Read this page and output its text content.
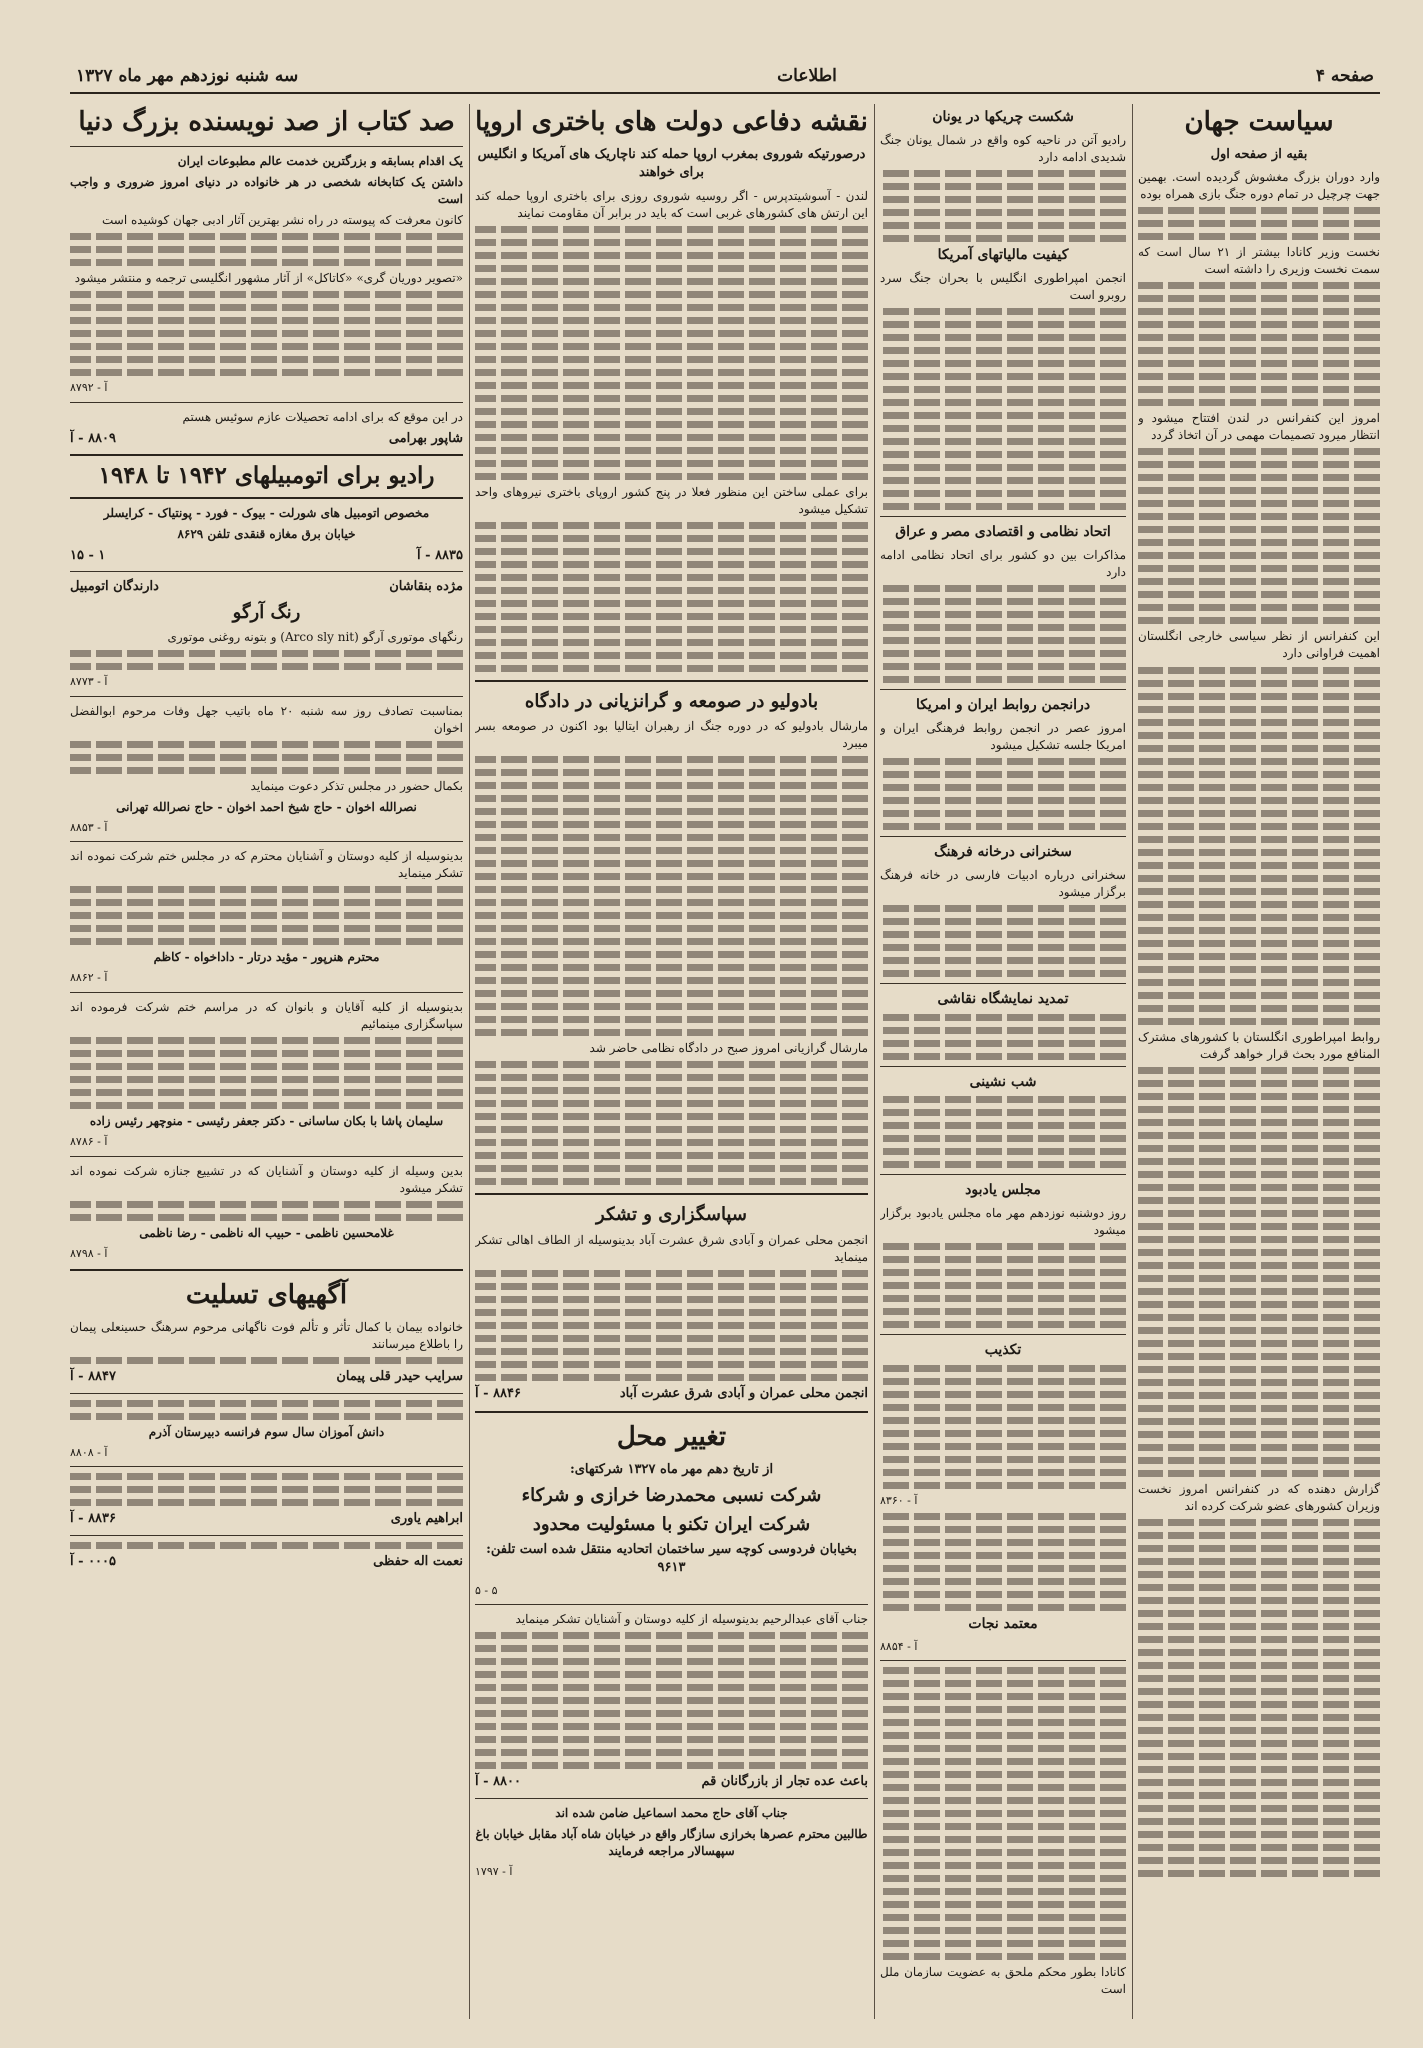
صفحه ۴
اطلاعات
سه شنبه نوزدهم مهر ماه ۱۳۲۷
سیاست جهان
بقیه از صفحه اول

وارد دوران بزرگ مغشوش گردیده است. بهمین جهت چرچیل در تمام دوره جنگ بازی همراه بوده

نخست وزیر کانادا بیشتر از ۲۱ سال است که سمت نخست وزیری را داشته است

امروز این کنفرانس در لندن افتتاح میشود و انتظار میرود تصمیمات مهمی در آن اتخاذ گردد

این کنفرانس از نظر سیاسی خارجی انگلستان اهمیت فراوانی دارد

روابط امپراطوری انگلستان با کشورهای مشترک المنافع مورد بحث قرار خواهد گرفت

گزارش دهنده که در کنفرانس امروز نخست وزیران کشورهای عضو شرکت کرده اند

شکست چریکها در یونان

رادیو آتن در ناحیه کوه واقع در شمال یونان جنگ شدیدی ادامه دارد

کیفیت مالیاتهای آمریکا

انجمن امپراطوری انگلیس با بحران جنگ سرد روبرو است

اتحاد نظامی و اقتصادی مصر و عراق

مذاکرات بین دو کشور برای اتحاد نظامی ادامه دارد

درانجمن روابط ایران و امریکا

امروز عصر در انجمن روابط فرهنگی ایران و امریکا جلسه تشکیل میشود

سخنرانی درخانه فرهنگ

سخنرانی درباره ادبیات فارسی در خانه فرهنگ برگزار میشود

تمدید نمایشگاه نقاشی
شب نشینی
مجلس یادبود

روز دوشنبه نوزدهم مهر ماه مجلس یادبود برگزار میشود

تکذیب
۸۳۶۰ - آ
معتمد نجات
۸۸۵۴ - آ

کانادا بطور محکم ملحق به عضویت سازمان ملل است

نقشه دفاعی دولت های باختری اروپا
درصورتیکه شوروی بمغرب اروپا حمله کند ناچاریک های آمریکا و انگلیس برای خواهند

لندن - آسوشیتدپرس - اگر روسیه شوروی روزی برای باختری اروپا حمله کند این ارتش های کشورهای غربی است که باید در برابر آن مقاومت نمایند

برای عملی ساختن این منظور فعلا در پنج کشور اروپای باختری نیروهای واحد تشکیل میشود

بادوليو در صومعه و گرانزيانی در دادگاه

مارشال بادولیو که در دوره جنگ از رهبران ایتالیا بود اکنون در صومعه بسر میبرد

مارشال گرازیانی امروز صبح در دادگاه نظامی حاضر شد

سپاسگزاری و تشکر

انجمن محلی عمران و آبادی شرق عشرت آباد بدینوسیله از الطاف اهالی تشکر مینماید

انجمن محلی عمران و آبادی شرق عشرت آباد
۸۸۴۶ - آ
تغییر محل
از تاریخ دهم مهر ماه ۱۳۲۷ شرکتهای:
شرکت نسبی محمدرضا خرازی و شرکاء
شرکت ایران تکنو با مسئولیت محدود
بخیابان فردوسی کوچه سیر ساختمان اتحادیه منتقل شده است تلفن: ۹۶۱۳
۵ - ۵

جناب آقای عبدالرحیم بدینوسیله از کلیه دوستان و آشنایان تشکر مینماید

باعث عده تجار از بازرگانان قم
۸۸۰۰ - آ

جناب آقای حاج محمد اسماعیل ضامن شده اند

طالبین محترم عصرها بخرازی سازگار واقع در خیابان شاه آباد مقابل خیابان باغ سپهسالار مراجعه فرمایند

۱۷۹۷ - آ
صد کتاب از صد نویسنده بزرگ دنیا

یک اقدام بسابقه و بزرگترین خدمت عالم مطبوعات ایران

داشتن یک کتابخانه شخصی در هر خانواده در دنیای امروز ضروری و واجب است

کانون معرفت که پیوسته در راه نشر بهترین آثار ادبی جهان کوشیده است

«تصویر دوریان گری» «کاتاکل» از آثار مشهور انگلیسی ترجمه و منتشر میشود

۸۷۹۲ - آ

در این موقع که برای ادامه تحصیلات عازم سوئیس هستم

شاپور بهرامی
۸۸۰۹ - آ
رادیو برای اتومبیلهای ۱۹۴۲ تا ۱۹۴۸

مخصوص اتومبیل های شورلت - بیوک - فورد - پونتیاک - کرایسلر

خیابان برق مغازه قنقدی تلفن ۸۶۲۹

۸۸۳۵ - آ
۱ - ۱۵
مژده بنقاشان
دارندگان اتومبیل
رنگ آرگو

رنگهای موتوری آرگو (Arco sly nit) و بتونه روغنی موتوری

۸۷۷۳ - آ

بمناسبت تصادف روز سه شنبه ۲۰ ماه باتیب جهل وفات مرحوم ابوالفضل اخوان

بکمال حضور در مجلس تذکر دعوت مینماید

نصرالله اخوان - حاج شیخ احمد اخوان - حاج نصرالله تهرانی

۸۸۵۳ - آ

بدینوسیله از کلیه دوستان و آشنایان محترم که در مجلس ختم شرکت نموده اند تشکر مینماید

محترم هنرپور - مؤید درتار - داداخواه - کاظم

۸۸۶۲ - آ

بدینوسیله از کلیه آقایان و بانوان که در مراسم ختم شرکت فرموده اند سپاسگزاری مینمائیم

سلیمان پاشا با بکان ساسانی - دکتر جعفر رئیسی - منوچهر رئیس زاده

۸۷۸۶ - آ

بدین وسیله از کلیه دوستان و آشنایان که در تشییع جنازه شرکت نموده اند تشکر میشود

غلامحسین ناظمی - حبیب اله ناظمی - رضا ناظمی

۸۷۹۸ - آ
آگهیهای تسلیت

خانواده بیمان با کمال تأثر و تألم فوت ناگهانی مرحوم سرهنگ حسینعلی پیمان را باطلاع میرسانند

سرایب حیدر قلی پیمان
۸۸۴۷ - آ

دانش آموزان سال سوم فرانسه دبیرستان آذرم

۸۸۰۸ - آ
ابراهیم یاوری
۸۸۳۶ - آ
نعمت اله حفظی
۰۰۰۵ - آ
